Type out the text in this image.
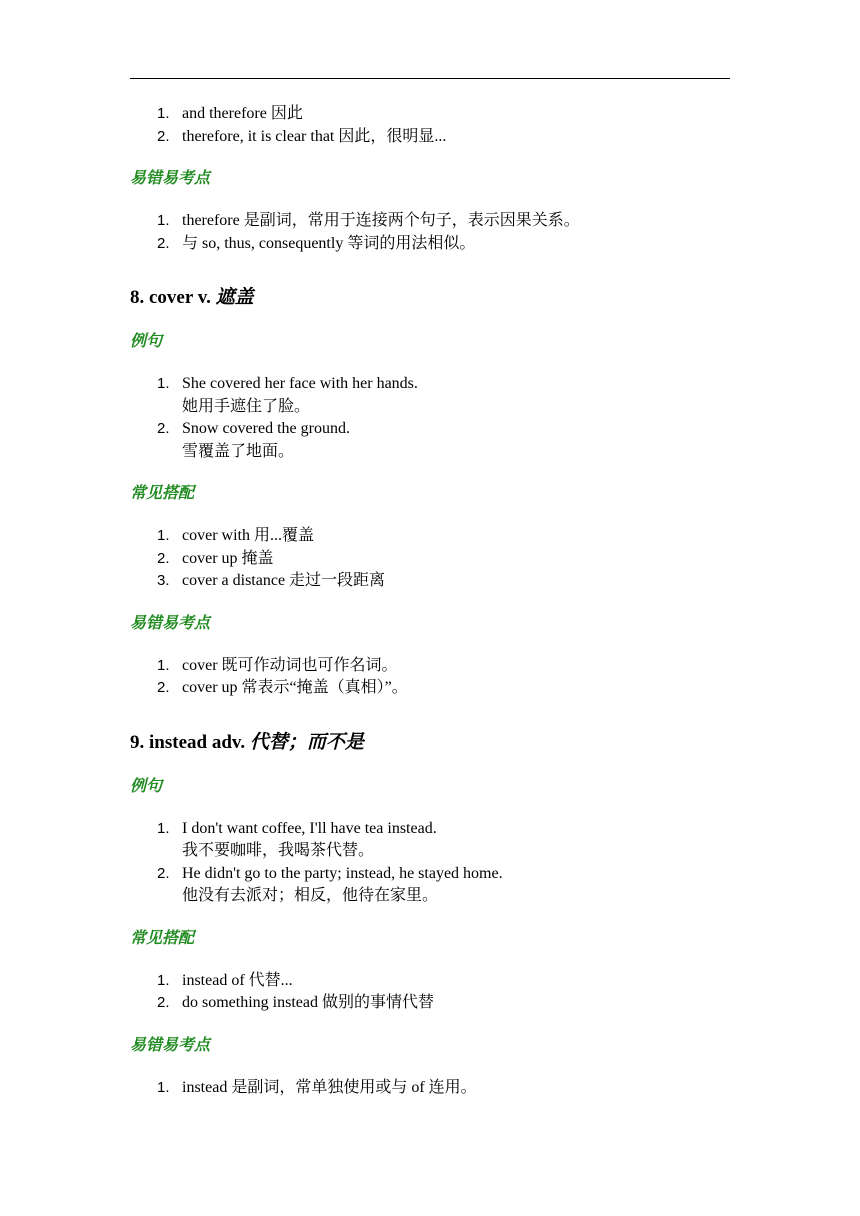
1. and therefore 因此
2. therefore, it is clear that 因此，很明显...

易错易考点

1. therefore 是副词，常用于连接两个句子，表示因果关系。
2. 与 so, thus, consequently 等词的用法相似。
8. cover v. 遮盖

例句

1. She covered her face with her hands.
她用手遮住了脸。
2. Snow covered the ground.
雪覆盖了地面。

常见搭配

1. cover with 用...覆盖
2. cover up 掩盖
3. cover a distance 走过一段距离

易错易考点

1. cover 既可作动词也可作名词。
2. cover up 常表示“掩盖（真相）”。
9. instead adv. 代替；而不是

例句

1. I don't want coffee, I'll have tea instead.
我不要咖啡，我喝茶代替。
2. He didn't go to the party; instead, he stayed home.
他没有去派对；相反，他待在家里。

常见搭配

1. instead of 代替...
2. do something instead 做别的事情代替

易错易考点

1. instead 是副词，常单独使用或与 of 连用。
